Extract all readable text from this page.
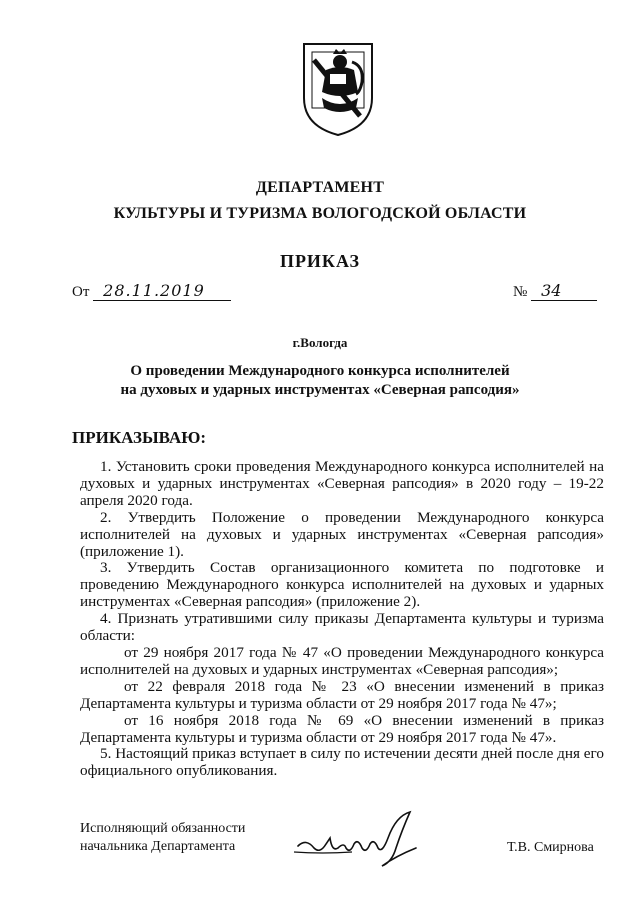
ДЕПАРТАМЕНТ
КУЛЬТУРЫ И ТУРИЗМА ВОЛОГОДСКОЙ ОБЛАСТИ
ПРИКАЗ
От 28.11.2019	№ 34
г.Вологда
О проведении Международного конкурса исполнителей
на духовых и ударных инструментах «Северная рапсодия»
ПРИКАЗЫВАЮ:

1. Установить сроки проведения Международного конкурса исполнителей на духовых и ударных инструментах «Северная рапсодия» в 2020 году – 19-22 апреля 2020 года.

2. Утвердить Положение о проведении Международного конкурса исполнителей на духовых и ударных инструментах «Северная рапсодия» (приложение 1).

3. Утвердить Состав организационного комитета по подготовке и проведению Международного конкурса исполнителей на духовых и ударных инструментах «Северная рапсодия» (приложение 2).

4. Признать утратившими силу приказы Департамента культуры и туризма области:

от 29 ноября 2017 года № 47 «О проведении Международного конкурса исполнителей на духовых и ударных инструментах «Северная рапсодия»;

от 22 февраля 2018 года № 23 «О внесении изменений в приказ Департамента культуры и туризма области от 29 ноября 2017 года № 47»;

от 16 ноября 2018 года № 69 «О внесении изменений в приказ Департамента культуры и туризма области от 29 ноября 2017 года № 47».

5. Настоящий приказ вступает в силу по истечении десяти дней после дня его официального опубликования.

Исполняющий обязанности
начальника Департамента	Т.В. Смирнова
